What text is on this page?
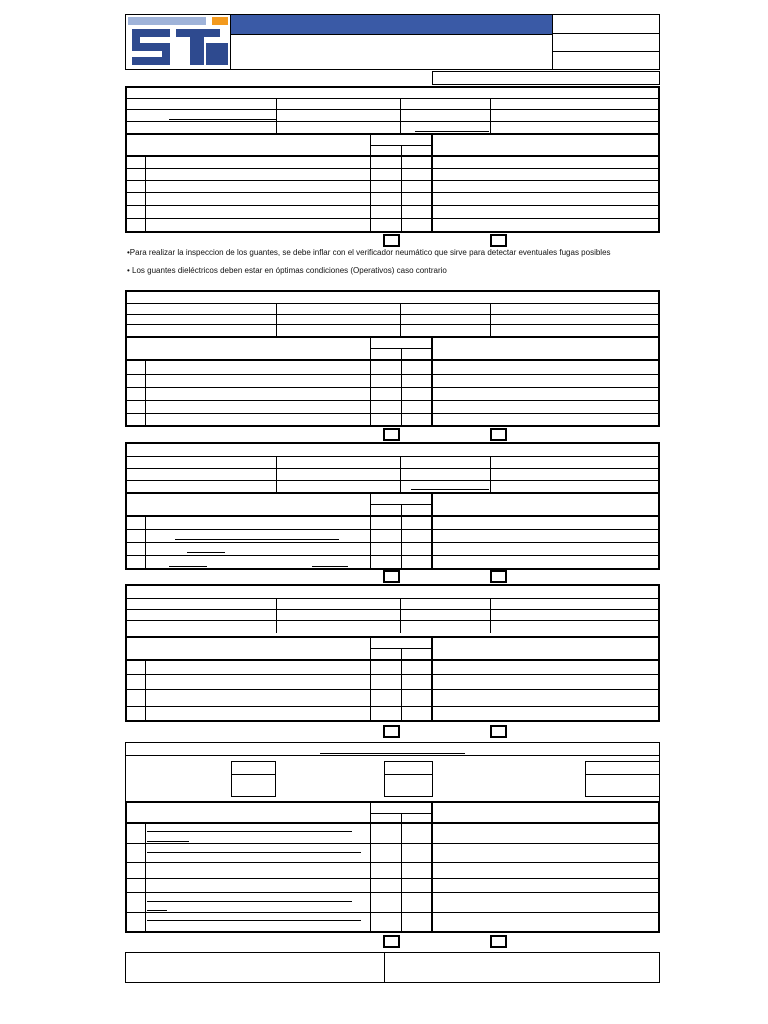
•Para realizar la inspeccion de los guantes, se debe inflar con el verificador neumático que sirve para detectar eventuales fugas posibles
• Los guantes dieléctricos deben estar en óptimas condiciones (Operativos) caso contrario
